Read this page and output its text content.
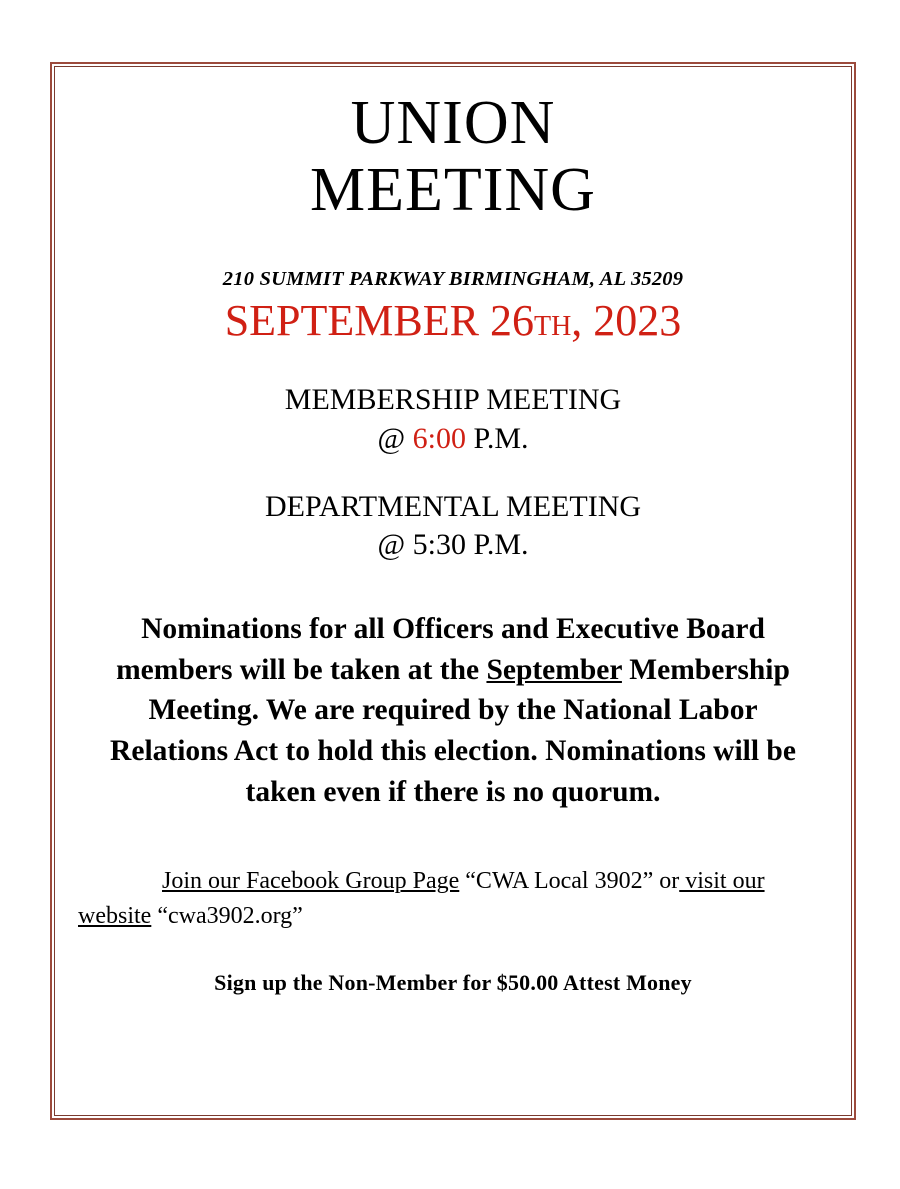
UNION
MEETING
210 SUMMIT PARKWAY BIRMINGHAM, AL 35209
SEPTEMBER 26TH, 2023
MEMBERSHIP MEETING
@ 6:00 P.M.
DEPARTMENTAL MEETING
@ 5:30 P.M.
Nominations for all Officers and Executive Board members will be taken at the September Membership Meeting. We are required by the National Labor Relations Act to hold this election. Nominations will be taken even if there is no quorum.
Join our Facebook Group Page “CWA Local 3902” or visit our website “cwa3902.org”
Sign up the Non-Member for $50.00 Attest Money
